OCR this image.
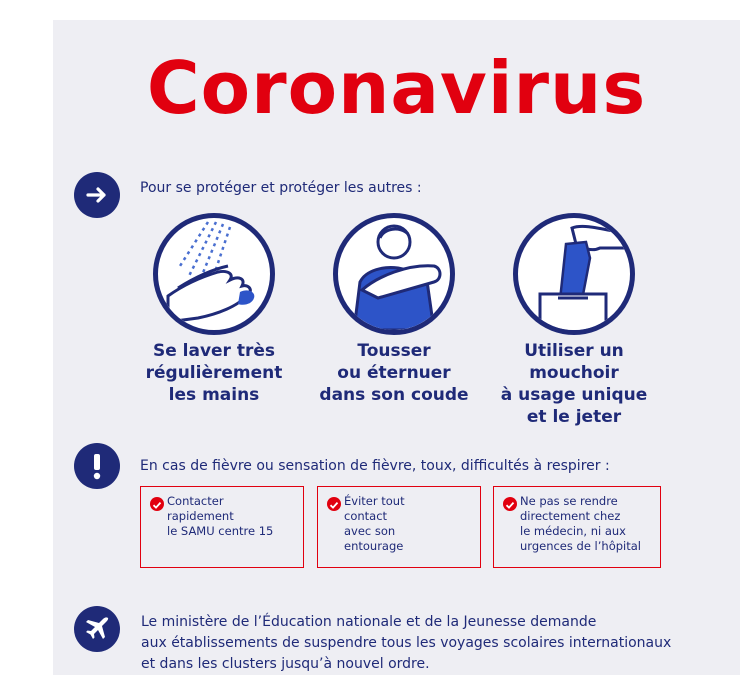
Coronavirus
Pour se protéger et protéger les autres :
Se laver très
régulièrement
les mains
Tousser
ou éternuer
dans son coude
Utiliser un
mouchoir
à usage unique
et le jeter
En cas de fièvre ou sensation de fièvre, toux, difficultés à respirer :
Contacter
rapidement
le SAMU centre 15
Éviter tout
contact
avec son
entourage
Ne pas se rendre
directement chez
le médecin, ni aux
urgences de l’hôpital
Le ministère de l’Éducation nationale et de la Jeunesse demande
aux établissements de suspendre tous les voyages scolaires internationaux
et dans les clusters jusqu’à nouvel ordre.
